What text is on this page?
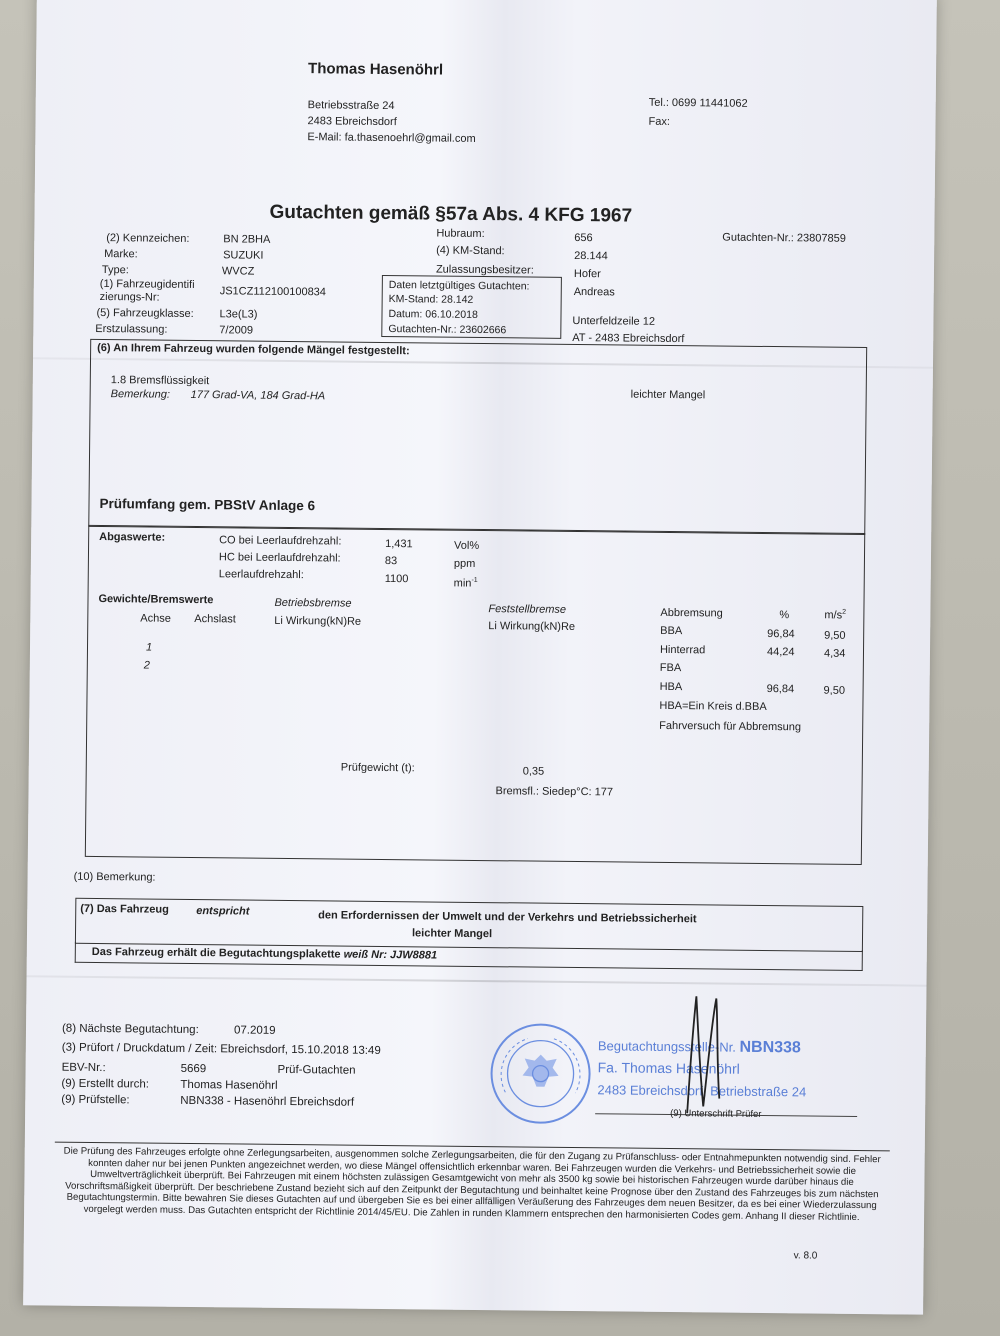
Thomas Hasenöhrl
Betriebsstraße 24
2483 Ebreichsdorf
E-Mail: fa.thasenoehrl@gmail.com
Tel.: 0699 11441062
Fax:
Gutachten gemäß §57a Abs. 4 KFG 1967
(2) Kennzeichen:	BN 2BHA
Marke:	SUZUKI
Type:	WVCZ
(1) Fahrzeugidentifi
zierungs-Nr:	JS1CZ112100100834
(5) Fahrzeugklasse: L3e(L3)
Erstzulassung:	7/2009
Hubraum:	656
(4) KM-Stand:	28.144
Zulassungsbesitzer:	Hofer
Andreas
Unterfeldzeile 12
AT - 2483 Ebreichsdorf
Gutachten-Nr.: 23807859
Daten letztgültiges Gutachten:
KM-Stand: 28.142
Datum: 06.10.2018
Gutachten-Nr.: 23602666
(6) An Ihrem Fahrzeug wurden folgende Mängel festgestellt:
1.8 Bremsflüssigkeit
Bemerkung: 177 Grad-VA, 184 Grad-HA	leichter Mangel
Prüfumfang gem. PBStV Anlage 6
Abgaswerte:	CO bei Leerlaufdrehzahl:	1,431	Vol%
HC bei Leerlaufdrehzahl:	83	ppm
Leerlaufdrehzahl:	1100	$\min^{-1}$
Gewichte/Bremswerte
Achse Achslast
Betriebsbremse
Li Wirkung(kN)Re
Feststellbremse
Li Wirkung(kN)Re
1
2
Abbremsung	%	$m/s^2$
BBA	96,84	9,50
Hinterrad	44,24	4,34
FBA
HBA	96,84	9,50
HBA=Ein Kreis d.BBA
Fahrversuch für Abbremsung
Prüfgewicht (t):	0,35
Bremsfl.: Siedep°C: 177
(10) Bemerkung:
(7) Das Fahrzeug entspricht	den Erfordernissen der Umwelt und der Verkehrs und Betriebssicherheit
leichter Mangel
Das Fahrzeug erhält die Begutachtungsplakette weiß Nr: JJW8881
(8) Nächste Begutachtung:	07.2019
(3) Prüfort / Druckdatum / Zeit: Ebreichsdorf, 15.10.2018 13:49
EBV-Nr.:	5669	Prüf-Gutachten
(9) Erstellt durch:	Thomas Hasenöhrl
(9) Prüfstelle:	NBN338 - Hasenöhrl Ebreichsdorf
(9) Unterschrift Prüfer
Begutachtungsstelle-Nr. NBN338
Fa. Thomas Hasenöhrl
2483 Ebreichsdorf, Betriebstraße 24
Die Prüfung des Fahrzeuges erfolgte ohne Zerlegungsarbeiten, ausgenommen solche Zerlegungsarbeiten, die für den Zugang zu Prüfanschluss- oder Entnahmepunkten notwendig sind. Fehler konnten daher nur bei jenen Punkten angezeichnet werden, wo diese Mängel offensichtlich erkennbar waren. Bei Fahrzeugen wurden die Verkehrs- und Betriebssicherheit sowie die Umweltverträglichkeit überprüft. Bei Fahrzeugen mit einem höchsten zulässigen Gesamtgewicht von mehr als 3500 kg sowie bei historischen Fahrzeugen wurde darüber hinaus die Vorschriftsmäßigkeit überprüft. Der beschriebene Zustand bezieht sich auf den Zeitpunkt der Begutachtung und beinhaltet keine Prognose über den Zustand des Fahrzeuges bis zum nächsten Begutachtungstermin. Bitte bewahren Sie dieses Gutachten auf und übergeben Sie es bei einer allfälligen Veräußerung des Fahrzeuges dem neuen Besitzer, da es bei einer Wiederzulassung vorgelegt werden muss. Das Gutachten entspricht der Richtlinie 2014/45/EU. Die Zahlen in runden Klammern entsprechen den harmonisierten Codes gem. Anhang II dieser Richtlinie.
v. 8.0
